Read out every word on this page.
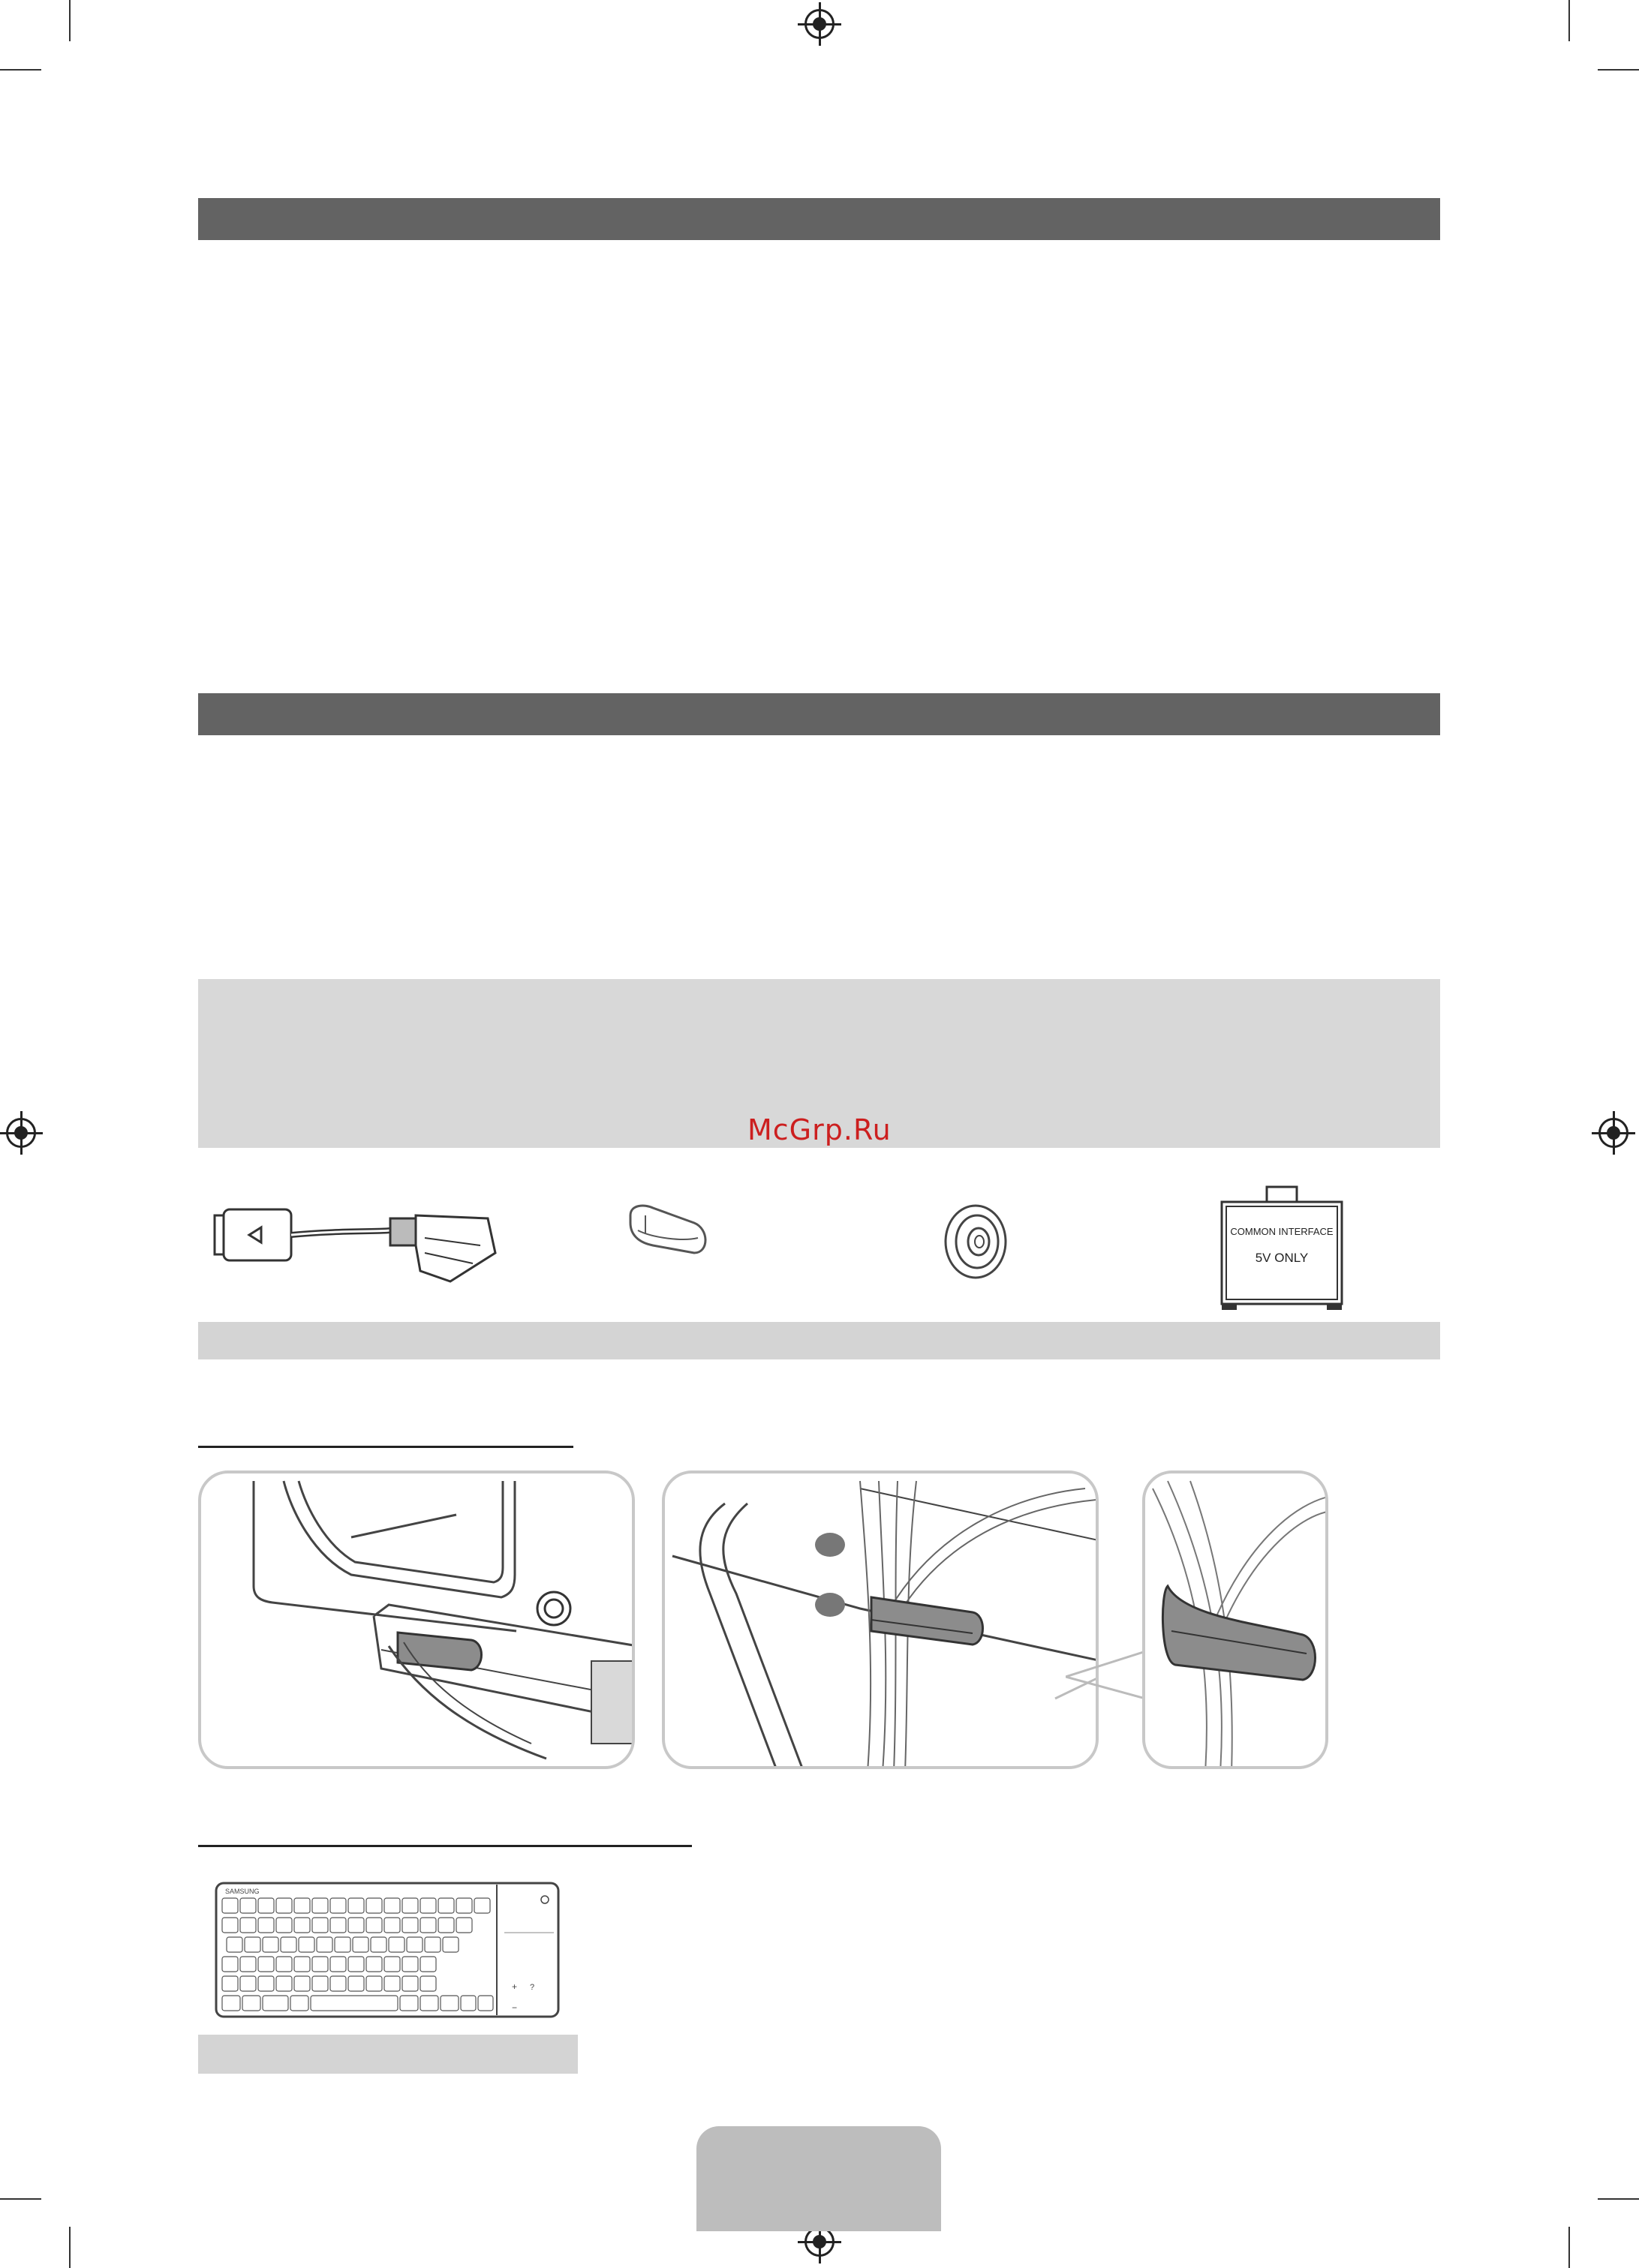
McGrp.Ru
COMMON INTERFACE
5V ONLY
SAMSUNG
+ ?
−
